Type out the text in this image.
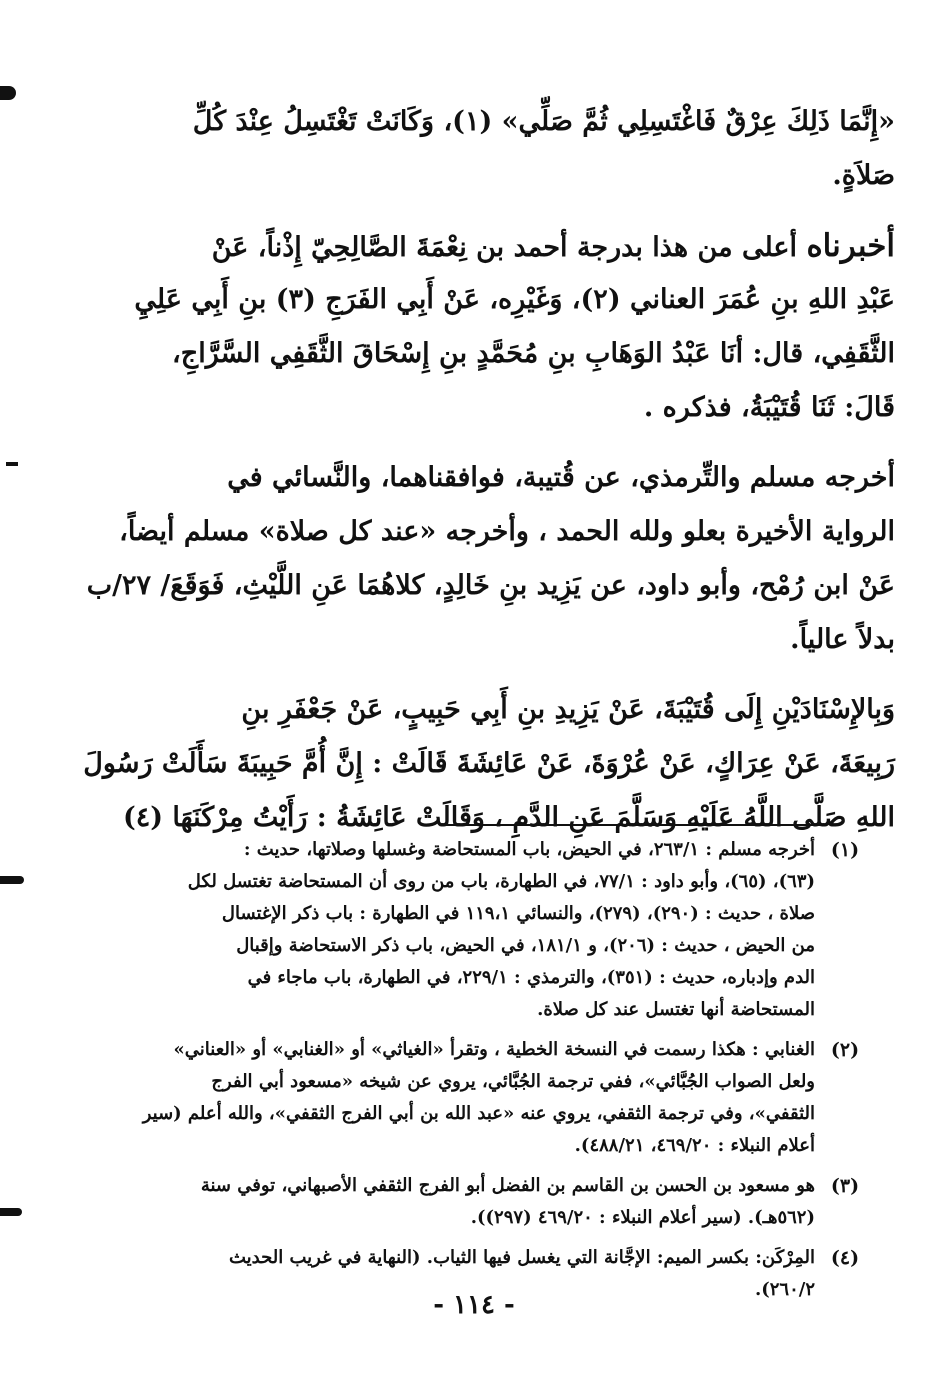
«إِنَّمَا ذَلِكَ عِرْقٌ فَاغْتَسِلِي ثُمَّ صَلِّي» (١)، وَكَانَتْ تَغْتَسِلُ عِنْدَ كُلِّ
صَلاَةٍ.
أخبرناه أعلى من هذا بدرجة أحمد بن نِعْمَةَ الصَّالِحِيّ إِذْناً، عَنْ
عَبْدِ اللهِ بنِ عُمَرَ العناني (٢)، وَغَيْرِه، عَنْ أَبِي الفَرَجِ (٣) بنِ أَبِي عَلِيِ
الثَّقَفِي، قال: أنَا عَبْدُ الوَهَابِ بنِ مُحَمَّدٍ بنِ إِسْحَاقَ الثَّقَفِي السَّرَّاجِ،
قَالَ: ثَنَا قُتَيْبَةُ، فذكره .
أخرجه مسلم والتِّرمذي، عن قُتيبة، فوافقناهما، والنَّسائي في
الرواية الأخيرة بعلو ولله الحمد ، وأخرجه «عند كل صلاة» مسلم أيضاً،
عَنْ ابن رُمْح، وأبو داود، عن يَزِيد بنِ خَالِدٍ، كلاهُمَا عَنِ اللَّيْثِ، فَوَقَعَ/ ٢٧/ب
بدلاً عالياً.
وَبِالإِسْنَادَيْنِ إِلَى قُتَيْبَةَ، عَنْ يَزِيدِ بنِ أَبِي حَبِيبٍ، عَنْ جَعْفَرِ بنِ
رَبِيعَةَ، عَنْ عِرَاكٍ، عَنْ عُرْوَةَ، عَنْ عَائِشَةَ قَالَتْ : إِنَّ أُمَّ حَبِيبَةَ سَأَلَتْ رَسُولَ
اللهِ صَلَّى اللَّهُ عَلَيْهِ وَسَلَّمَ عَنِ الدَّمِ ، وَقَالَتْ عَائِشَةُ : رَأَيْتُ مِرْكَنَهَا (٤)
(١)
أخرجه مسلم : ٢٦٣/١، في الحيض، باب المستحاضة وغسلها وصلاتها، حديث :
(٦٣)، (٦٥)، وأبو داود : ٧٧/١، في الطهارة، باب من روى أن المستحاضة تغتسل لكل
صلاة ، حديث : (٢٩٠)، (٢٧٩)، والنسائي ١١٩،١ في الطهارة : باب ذكر الإغتسال
من الحيض ، حديث : (٢٠٦)، و ١٨١/١، في الحيض، باب ذكر الاستحاضة وإقبال
الدم وإدباره، حديث : (٣٥١)، والترمذي : ٢٢٩/١، في الطهارة، باب ماجاء في
المستحاضة أنها تغتسل عند كل صلاة.
(٢)
الغنابي : هكذا رسمت في النسخة الخطية ، وتقرأ «الغياثي» أو «الغنابي» أو «العناني»
ولعل الصواب الجُبَّائي»، ففي ترجمة الجُبَّائي، يروي عن شيخه «مسعود أبي الفرج
الثقفي»، وفي ترجمة الثقفي، يروي عنه «عبد الله بن أبي الفرج الثقفي»، والله أعلم (سير
أعلام النبلاء : ٤٦٩/٢٠، ٤٨٨/٢١).
(٣)
هو مسعود بن الحسن بن القاسم بن الفضل أبو الفرج الثقفي الأصبهاني، توفي سنة
(٥٦٢هـ). (سير أعلام النبلاء : ٤٦٩/٢٠ (٢٩٧)).
(٤)
المِرْكَن: بكسر الميم: الإجَّانة التي يغسل فيها الثياب. (النهاية في غريب الحديث
٢٦٠/٢).
- ١١٤ -
